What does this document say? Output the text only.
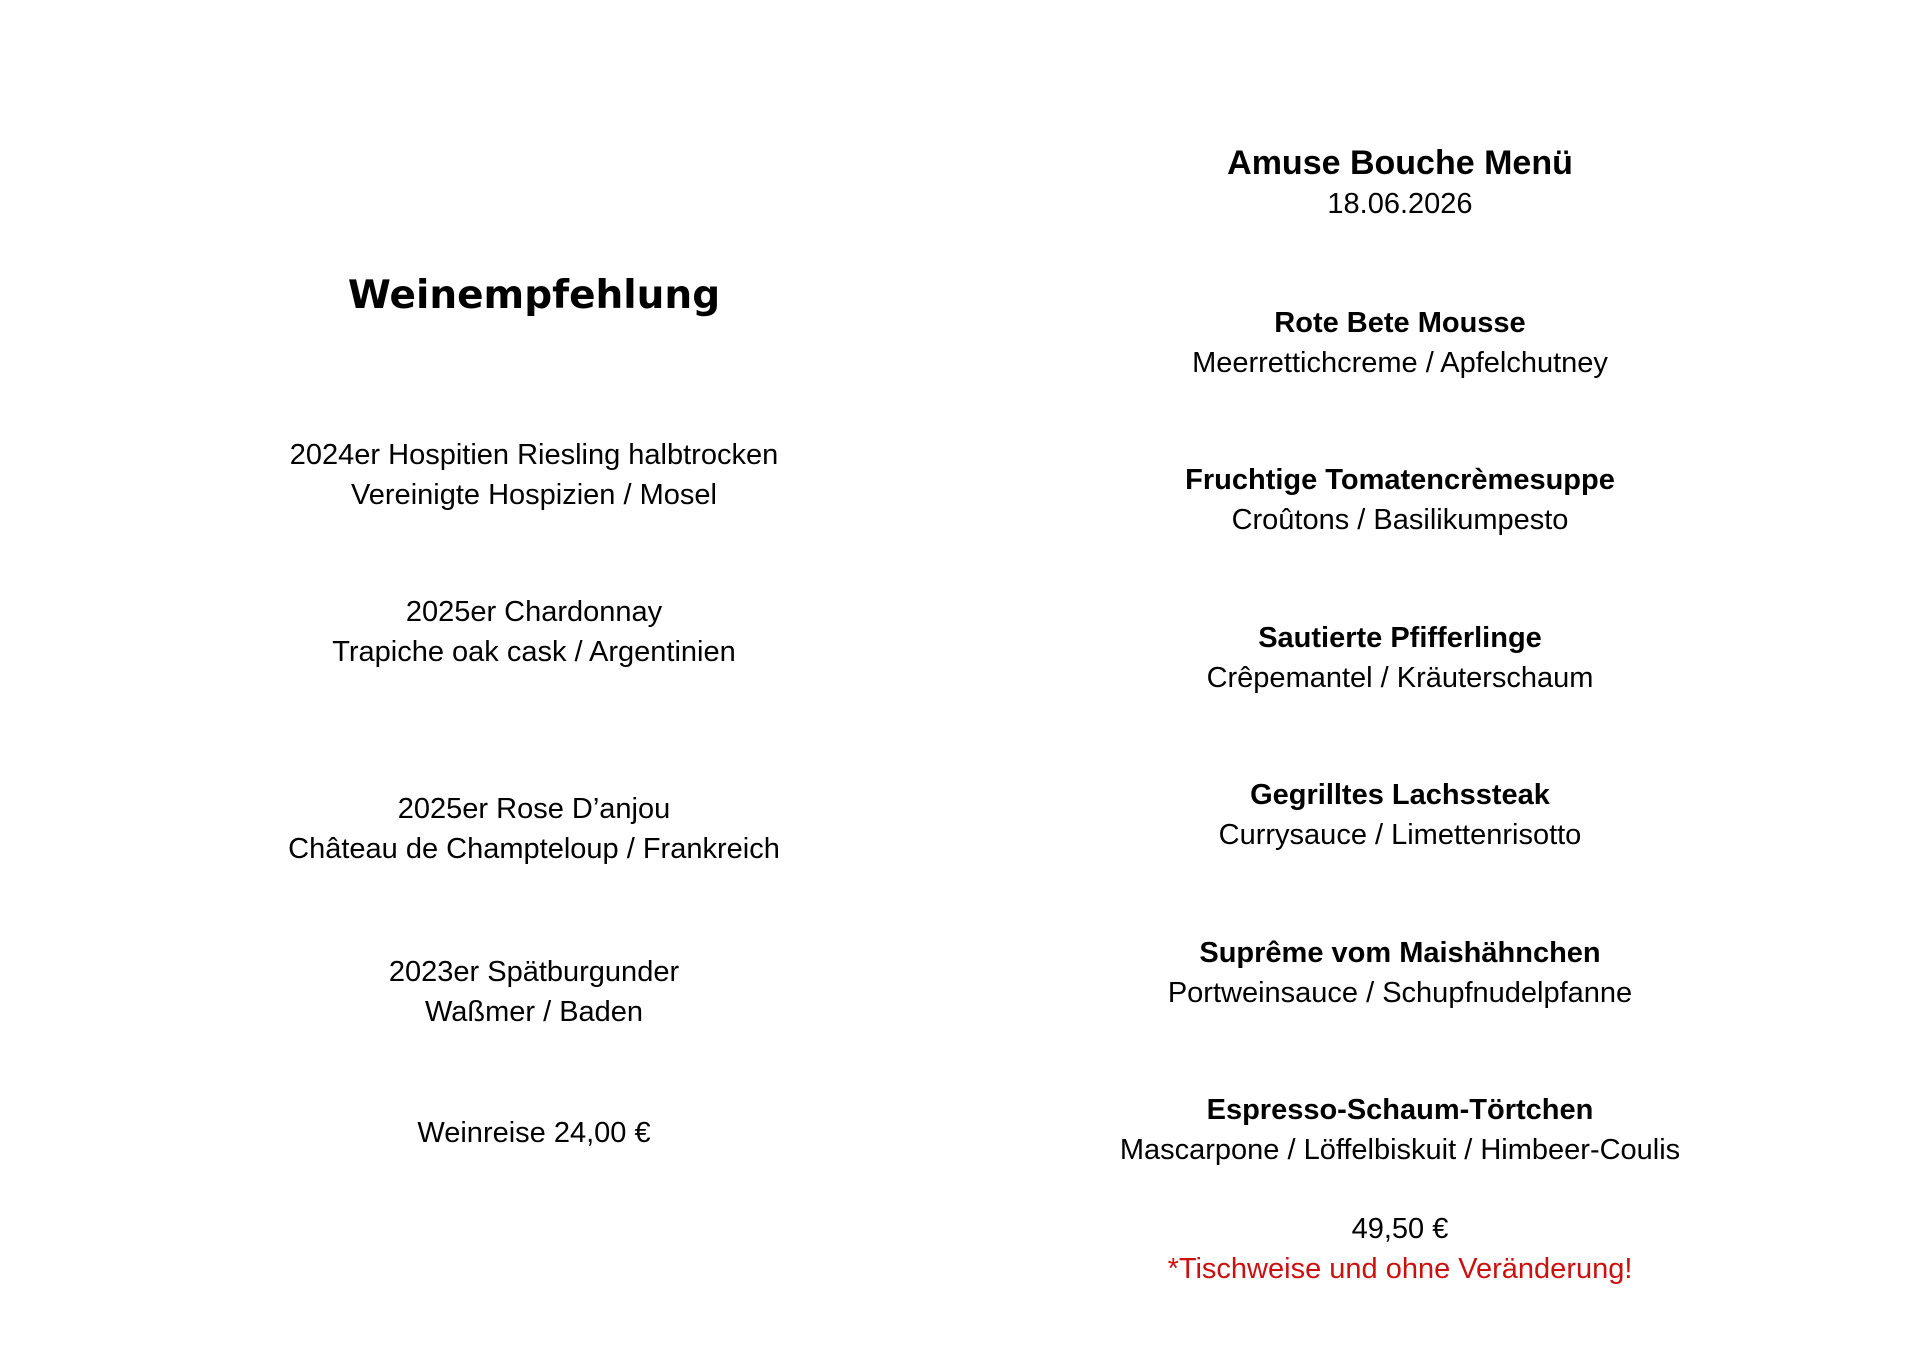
Weinempfehlung
2024er Hospitien Riesling halbtrocken
Vereinigte Hospizien / Mosel
2025er Chardonnay
Trapiche oak cask / Argentinien
2025er Rose D’anjou
Château de Champteloup / Frankreich
2023er Spätburgunder
Waßmer / Baden
Weinreise 24,00 €
Amuse Bouche Menü
18.06.2026
Rote Bete Mousse
Meerrettichcreme / Apfelchutney
Fruchtige Tomatencrèmesuppe
Croûtons / Basilikumpesto
Sautierte Pfifferlinge
Crêpemantel / Kräuterschaum
Gegrilltes Lachssteak
Currysauce / Limettenrisotto
Suprême vom Maishähnchen
Portweinsauce / Schupfnudelpfanne
Espresso-Schaum-Törtchen
Mascarpone / Löffelbiskuit / Himbeer-Coulis
49,50 €
*Tischweise und ohne Veränderung!
